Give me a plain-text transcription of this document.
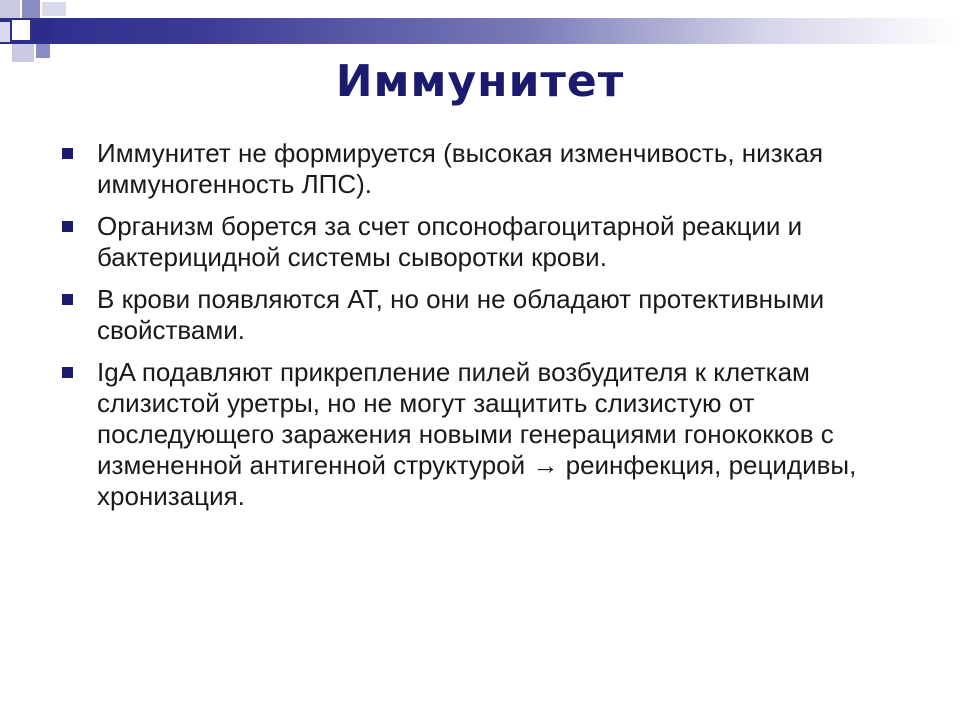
Иммунитет
Иммунитет не формируется (высокая изменчивость, низкая иммуногенность ЛПС).
Организм борется за счет опсонофагоцитарной реакции и бактерицидной системы сыворотки крови.
В крови появляются АТ, но они не обладают протективными свойствами.
IgA подавляют прикрепление пилей возбудителя к клеткам слизистой уретры, но не могут защитить слизистую от последующего заражения новыми генерациями гонококков с измененной антигенной структурой → реинфекция, рецидивы, хронизация.
